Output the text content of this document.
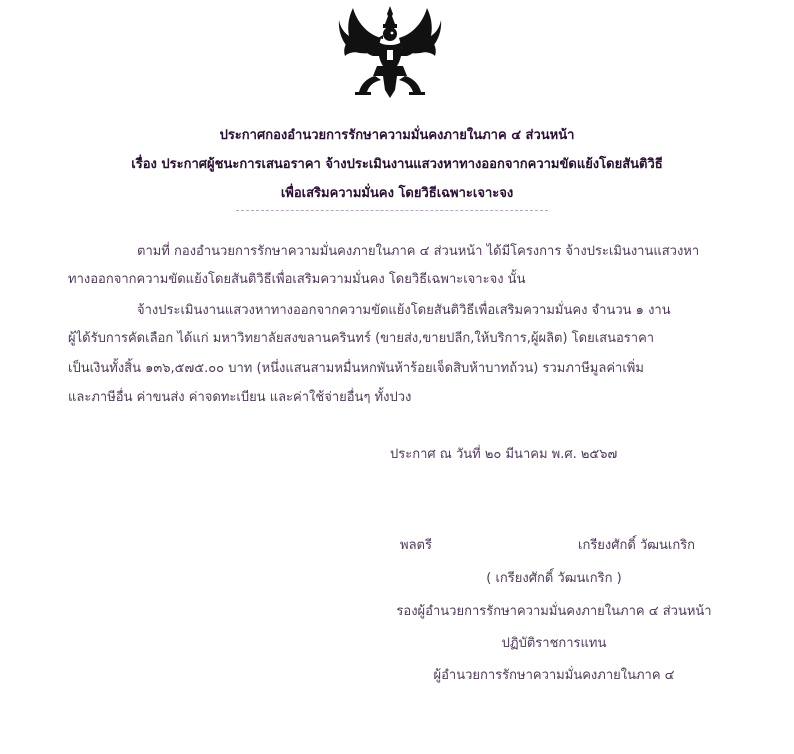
ประกาศกองอำนวยการรักษาความมั่นคงภายในภาค ๔ ส่วนหน้า
เรื่อง ประกาศผู้ชนะการเสนอราคา จ้างประเมินงานแสวงหาทางออกจากความขัดแย้งโดยสันติวิธี
เพื่อเสริมความมั่นคง โดยวิธีเฉพาะเจาะจง
ตามที่ กองอำนวยการรักษาความมั่นคงภายในภาค ๔ ส่วนหน้า ได้มีโครงการ จ้างประเมินงานแสวงหา
ทางออกจากความขัดแย้งโดยสันติวิธีเพื่อเสริมความมั่นคง โดยวิธีเฉพาะเจาะจง นั้น
จ้างประเมินงานแสวงหาทางออกจากความขัดแย้งโดยสันติวิธีเพื่อเสริมความมั่นคง จำนวน ๑ งาน
ผู้ได้รับการคัดเลือก ได้แก่ มหาวิทยาลัยสงขลานครินทร์ (ขายส่ง,ขายปลีก,ให้บริการ,ผู้ผลิต) โดยเสนอราคา
เป็นเงินทั้งสิ้น ๑๓๖,๕๗๕.๐๐ บาท (หนึ่งแสนสามหมื่นหกพันห้าร้อยเจ็ดสิบห้าบาทถ้วน) รวมภาษีมูลค่าเพิ่ม
และภาษีอื่น ค่าขนส่ง ค่าจดทะเบียน และค่าใช้จ่ายอื่นๆ ทั้งปวง
ประกาศ ณ วันที่ ๒๐ มีนาคม พ.ศ. ๒๕๖๗
พลตรี	เกรียงศักดิ์ วัฒนเกริก
( เกรียงศักดิ์ วัฒนเกริก )
รองผู้อำนวยการรักษาความมั่นคงภายในภาค ๔ ส่วนหน้า
ปฏิบัติราชการแทน
ผู้อำนวยการรักษาความมั่นคงภายในภาค ๔
